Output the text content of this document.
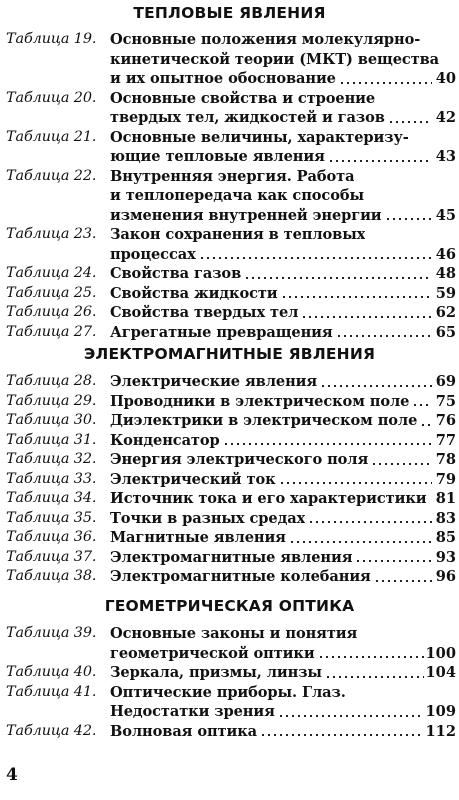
ТЕПЛОВЫЕ ЯВЛЕНИЯ
Таблица 19. Основные положения молекулярно-
кинетической теории (МКТ) вещества
и их опытное обоснование	40
Таблица 20. Основные свойства и строение
твердых тел, жидкостей и газов	42
Таблица 21. Основные величины, характеризу-
ющие тепловые явления	43
Таблица 22. Внутренняя энергия. Работа
и теплопередача как способы
изменения внутренней энергии	45
Таблица 23. Закон сохранения в тепловых
процессах	46
Таблица 24. Свойства газов	48
Таблица 25. Свойства жидкости	59
Таблица 26. Свойства твердых тел	62
Таблица 27. Агрегатные превращения	65
ЭЛЕКТРОМАГНИТНЫЕ ЯВЛЕНИЯ
Таблица 28. Электрические явления	69
Таблица 29. Проводники в электрическом поле 75
Таблица 30. Диэлектрики в электрическом поле 76
Таблица 31. Конденсатор	77
Таблица 32. Энергия электрического поля	78
Таблица 33. Электрический ток	79
Таблица 34. Источник тока и его характеристики 81
Таблица 35. Точки в разных средах	83
Таблица 36. Магнитные явления	85
Таблица 37. Электромагнитные явления	93
Таблица 38. Электромагнитные колебания	96
ГЕОМЕТРИЧЕСКАЯ ОПТИКА
Таблица 39. Основные законы и понятия
геометрической оптики	100
Таблица 40. Зеркала, призмы, линзы	104
Таблица 41. Оптические приборы. Глаз.
Недостатки зрения	109
Таблица 42. Волновая оптика	112
4
